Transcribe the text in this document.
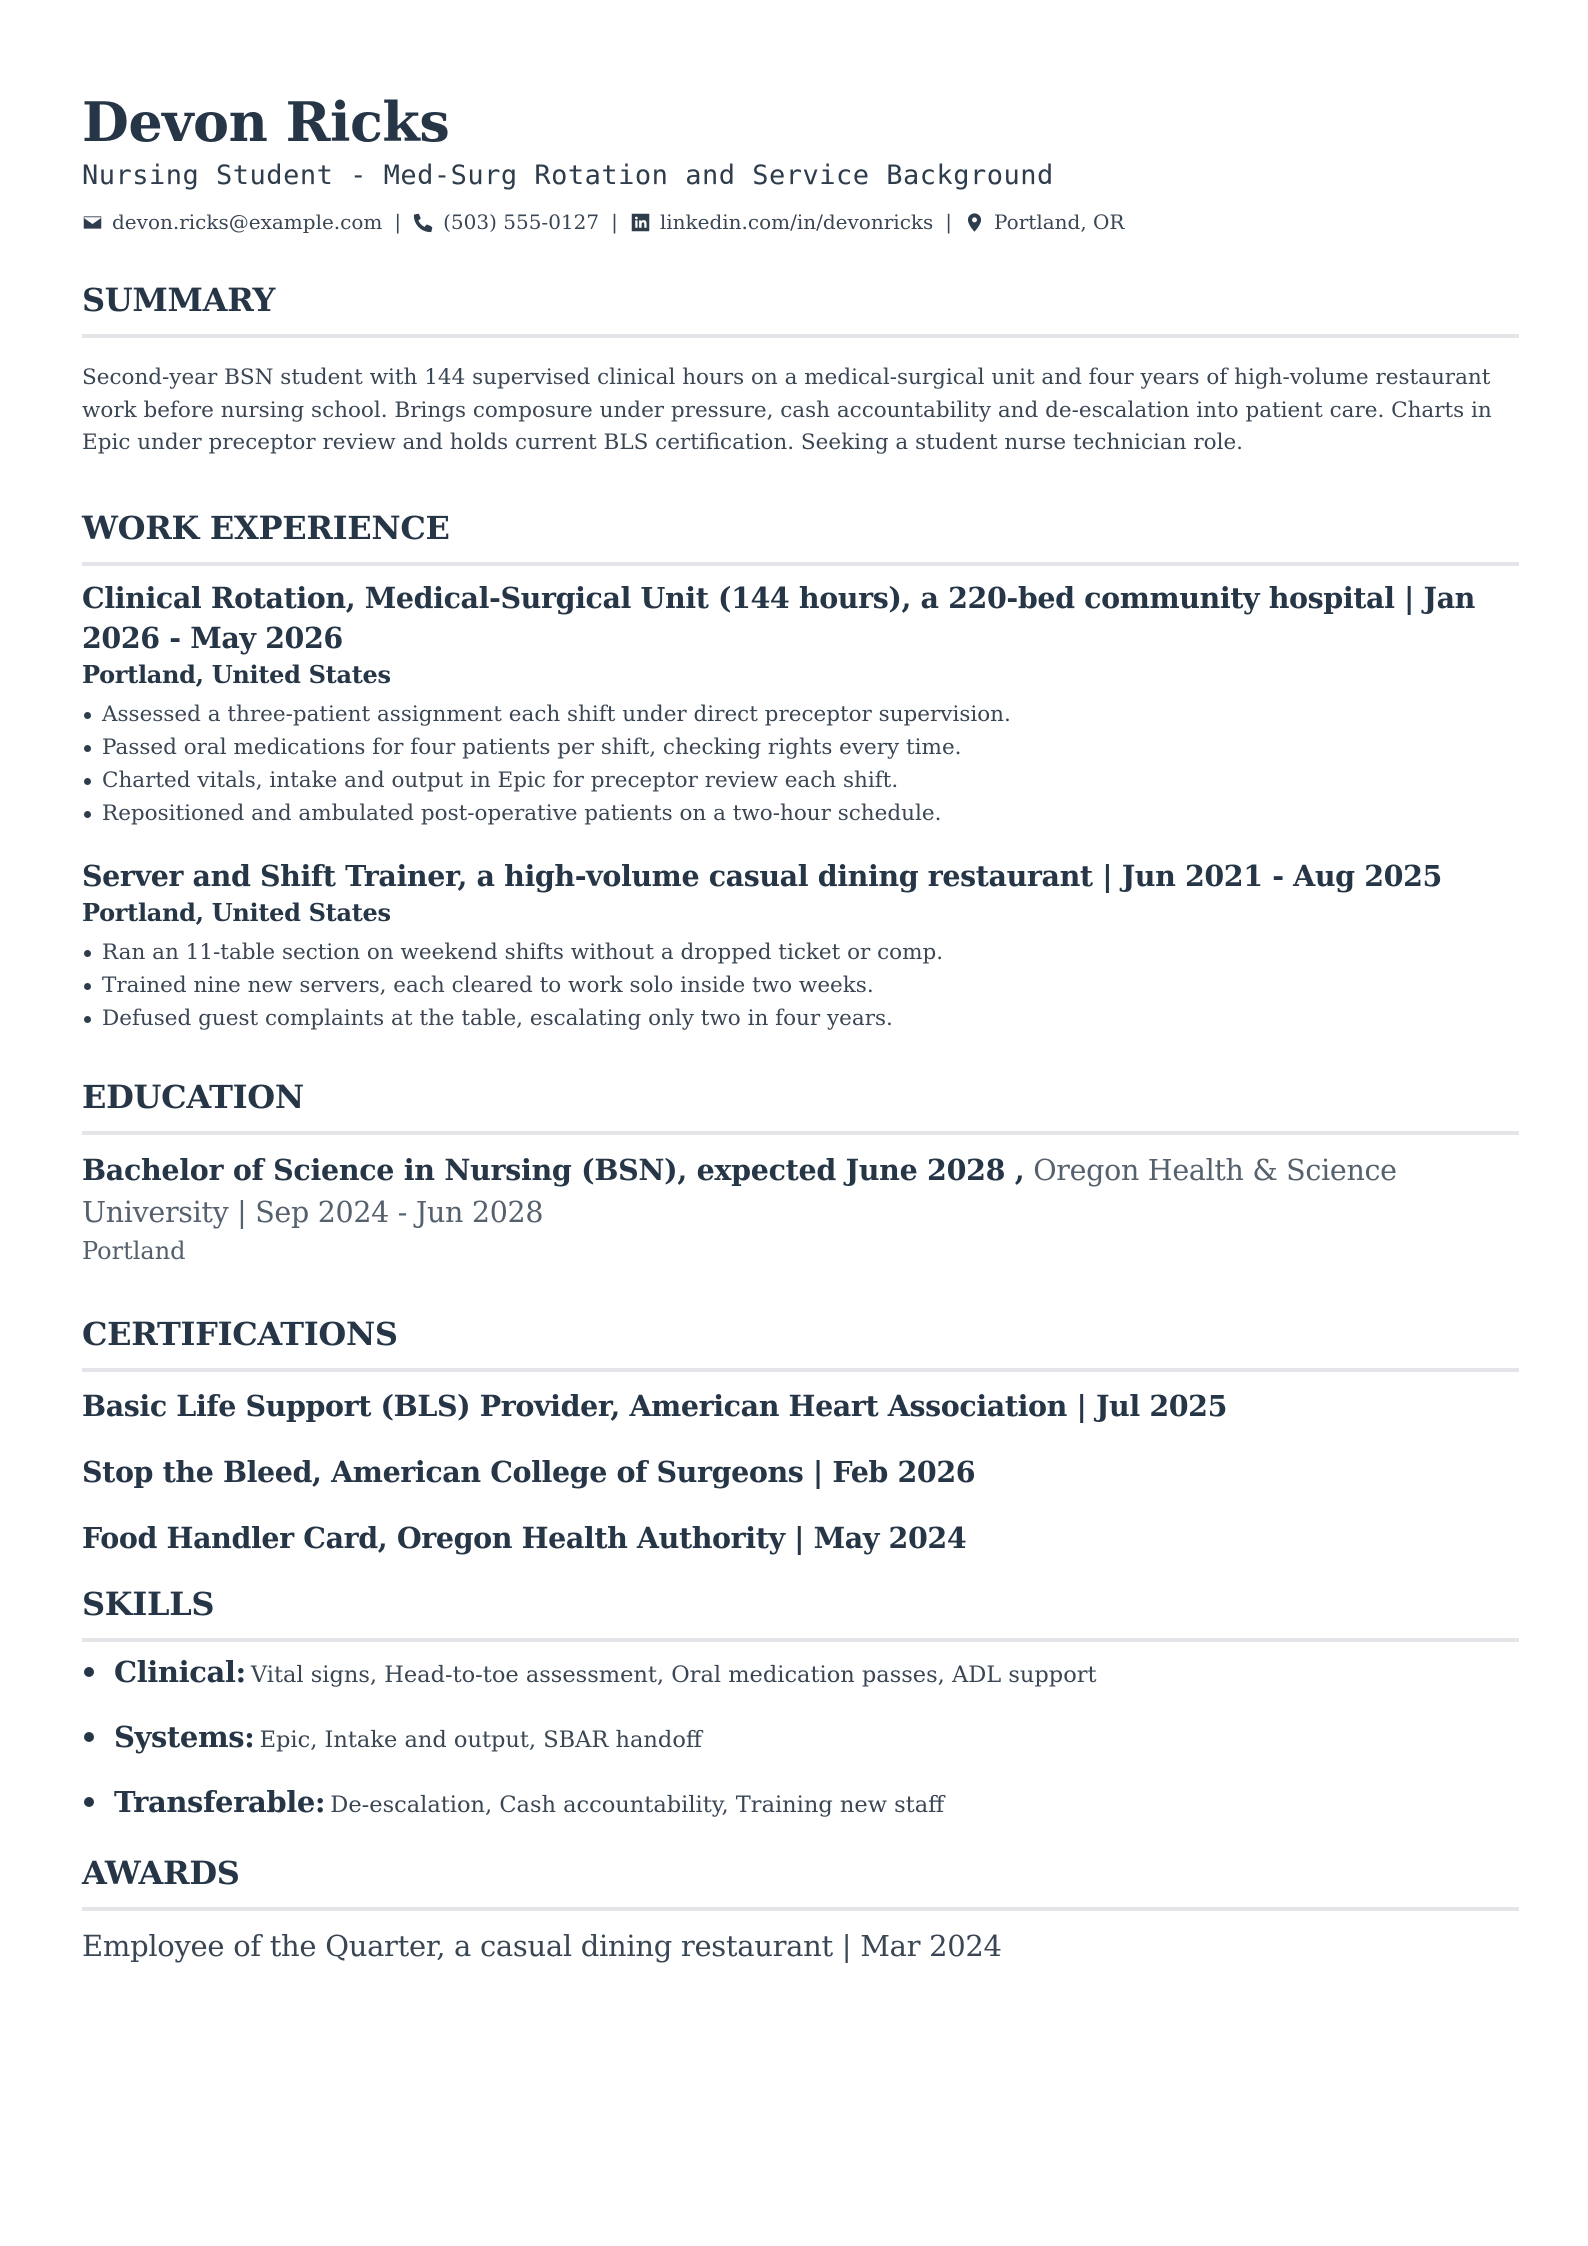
Devon Ricks
Nursing Student - Med-Surg Rotation and Service Background
devon.ricks@example.com | (503) 555-0127 | linkedin.com/in/devonricks | Portland, OR
SUMMARY

Second-year BSN student with 144 supervised clinical hours on a medical-surgical unit and four years of high-volume restaurant work before nursing school. Brings composure under pressure, cash accountability and de-escalation into patient care. Charts in Epic under preceptor review and holds current BLS certification. Seeking a student nurse technician role.

WORK EXPERIENCE
Clinical Rotation, Medical-Surgical Unit (144 hours), a 220-bed community hospital | Jan 2026 - May 2026
Portland, United States
Assessed a three-patient assignment each shift under direct preceptor supervision.
Passed oral medications for four patients per shift, checking rights every time.
Charted vitals, intake and output in Epic for preceptor review each shift.
Repositioned and ambulated post-operative patients on a two-hour schedule.
Server and Shift Trainer, a high-volume casual dining restaurant | Jun 2021 - Aug 2025
Portland, United States
Ran an 11-table section on weekend shifts without a dropped ticket or comp.
Trained nine new servers, each cleared to work solo inside two weeks.
Defused guest complaints at the table, escalating only two in four years.
EDUCATION
Bachelor of Science in Nursing (BSN), expected June 2028 , Oregon Health & Science University | Sep 2024 - Jun 2028
Portland
CERTIFICATIONS
Basic Life Support (BLS) Provider, American Heart Association | Jul 2025
Stop the Bleed, American College of Surgeons | Feb 2026
Food Handler Card, Oregon Health Authority | May 2024
SKILLS
Clinical: Vital signs, Head-to-toe assessment, Oral medication passes, ADL support
Systems: Epic, Intake and output, SBAR handoff
Transferable: De-escalation, Cash accountability, Training new staff
AWARDS
Employee of the Quarter, a casual dining restaurant | Mar 2024
